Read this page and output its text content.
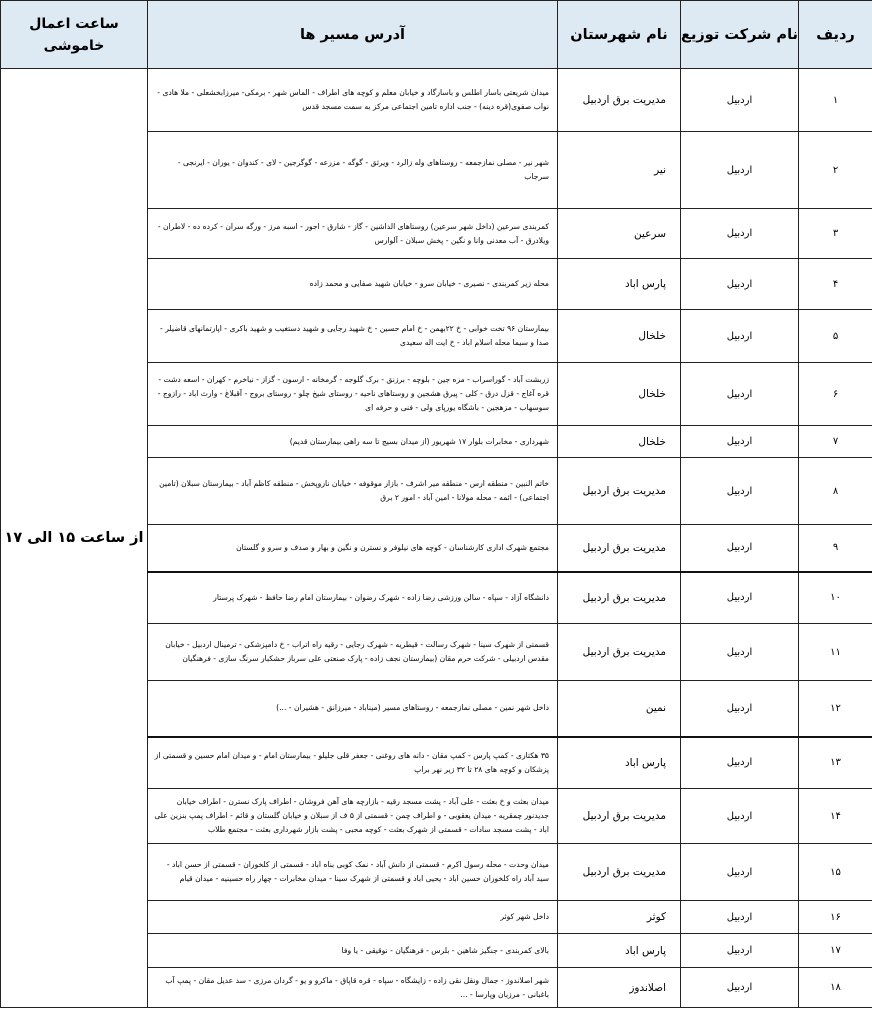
ساعت اعمال خاموشی	آدرس مسیر ها	نام شهرستان	نام شرکت توزیع	ردیف
از ساعت ۱۵ الی ۱۷	میدان شریعتی باسار اطلس و باسارگاد و خیابان معلم و کوچه های اطراف - الماس شهر - برمکی- میرزابخشعلی - ملا هادی - نواب صفوی(قره دینه) - جنب اداره تامین اجتماعی مرکز به سمت مسجد قدس	مدیریت برق اردبیل	اردبیل	۱
	شهر نیر - مصلی نمازجمعه - روستاهای وله زالرد - ویرثق - گوگه - مزرعه - گوگرجین - لای - کندوان - یوران - ایرنجی - سرجاب	نیر	اردبیل	۲
	کمربندی سرعین (داخل شهر سرعین) روستاهای الداشین - گاز - شارق - اجور - اسبه مرز - ورگه سران - کرده ده - لاطران - ویلادرق - آب معدنی وانا و نگین - پخش سبلان - آلوارس	سرعین	اردبیل	۳
	محله زیر کمربندی - نصیری - خیابان سرو - خیابان شهید صفایی و محمد زاده	پارس اباد	اردبیل	۴
	بیمارستان ۹۶ تخت خوابی - خ ۲۲بهمن - خ امام حسین - خ شهید رجایی و شهید دستغیب و شهید باکری - اپارتمانهای قاضیلر - صدا و سیما محله اسلام اباد - خ ایت اله سعیدی	خلخال	اردبیل	۵
	زربشت آباد - گوراسراب - مزه جین - بلوچه - برزنق - برک گلوجه - گرمخانه - ارسون - گزاز - نیاخرم - کهران - اسعه دشت - قره آغاج - قزل درق - کلی - پیرق هشجین و روستاهای ناحیه - روستای شیخ چلو - روستای بروج - آقبلاغ - وارث اباد - رازوج - سوسهاب - مزهجین - باشگاه یورپای ولی - فنی و حرفه ای	خلخال	اردبیل	۶
	شهرداری - مخابرات بلوار ۱۷ شهریور (از میدان بسیج تا سه راهی بیمارستان قدیم)	خلخال	اردبیل	۷
	خاتم النبین - منطقه ارس - منطقه میر اشرف - بازار موقوفه - خیابان ناروپخش - منطقه کاظم آباد - بیمارستان سبلان (تامین اجتماعی) - ائمه - محله مولانا - امین آباد - امور ۲ برق	مدیریت برق اردبیل	اردبیل	۸
	مجتمع شهرک اداری کارشناسان - کوچه های نیلوفر و نسترن و نگین و بهار و صدف و سرو و گلستان	مدیریت برق اردبیل	اردبیل	۹
	دانشگاه آزاد - سپاه - سالن ورزشی رضا زاده - شهرک رضوان - بیمارستان امام رضا حافظ - شهرک پرستار	مدیریت برق اردبیل	اردبیل	۱۰
	قسمتی از شهرک سینا - شهرک رسالت - قیطریه - شهرک رجایی - رقیه راه اتراب - خ دامپزشکی - ترمینال اردبیل - خیابان مقدس اردبیلی - شرکت حرم مقان (بیمارستان نجف زاده - پارک صنعتی علی سرباز حشکبار سرنگ سازی - فرهنگیان	مدیریت برق اردبیل	اردبیل	۱۱
	داخل شهر نمین - مصلی نمازجمعه - روستاهای مسیر (میناباد - میرزانق - هشیران - ...)	نمین	اردبیل	۱۲
	۳۵ هکتاری - کمپ پارس - کمپ مقان - دانه های روغنی - جعفر قلی جلیلو - بیمارستان امام - و میدان امام حسین و قسمتی از پزشکان و کوچه های ۲۸ تا ۳۲ زیر نهر براپ	پارس اباد	اردبیل	۱۳
	میدان بعثت و خ بعثت - علی آباد - پشت مسجد رقیه - بازارچه های آهن فروشان - اطراف پارک نسترن - اطراف خیابان جدیدنور چمقریه - میدان یعقوبی - و اطراف چمن - قسمتی از ۵ ف از سبلان و خیابان گلستان و قائم - اطراف پمپ بنزین علی اباد - پشت مسجد سادات - قسمتی از شهرک بعثت - کوچه محبی - پشت بازار شهرداری بعثت - مجتمع طلاب	مدیریت برق اردبیل	اردبیل	۱۴
	میدان وحدت - محله رسول اکرم - قسمتی از دانش آباد - نمک کوبی بناه اباد - قسمتی از کلخوران - قسمتی از حسن اباد - سید آباد راه کلخوران حسین اباد - یحیی اباد و قسمتی از شهرک سینا - میدان مخابرات - چهار راه حسینیه - میدان قیام	مدیریت برق اردبیل	اردبیل	۱۵
	داخل شهر کوثر	کوثر	اردبیل	۱۶
	بالای کمربندی - جنگیز شاهین - بلرس - فرهنگیان - نوقیقی - یا وفا	پارس اباد	اردبیل	۱۷
	شهر اصلاندوز - جمال ونقل نقی زاده - زایشگاه - سپاه - قره قاپاق - ماکرو و یو - گردان مرزی - سد عدیل مقان - پمپ آب باغبانی - مرزبان وپارسا - ...	اصلاندوز	اردبیل	۱۸
